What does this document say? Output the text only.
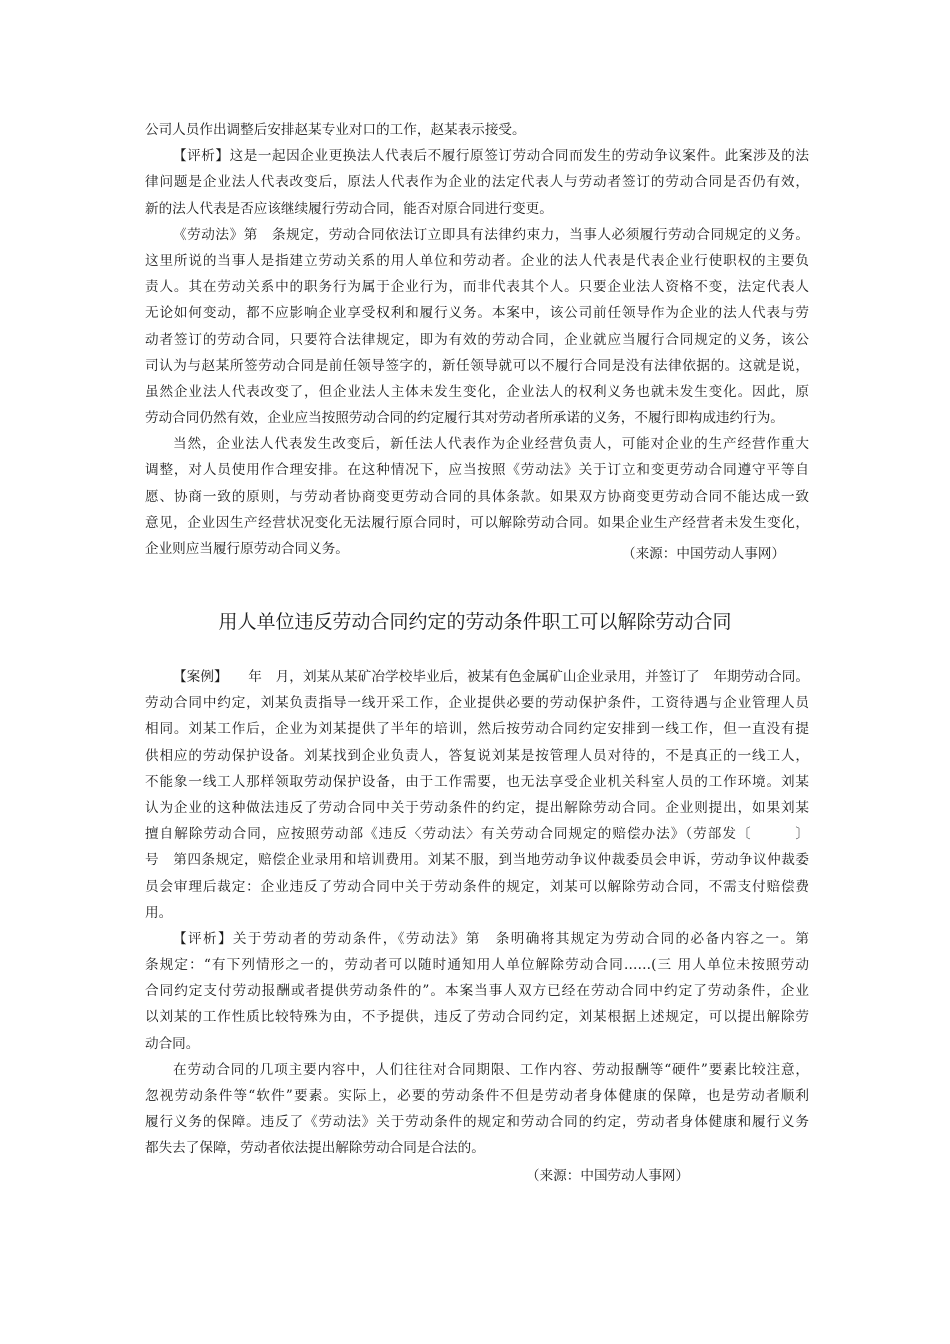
公司人员作出调整后安排赵某专业对口的工作，赵某表示接受。
【评析】这是一起因企业更换法人代表后不履行原签订劳动合同而发生的劳动争议案件。此案涉及的法
律问题是企业法人代表改变后，原法人代表作为企业的法定代表人与劳动者签订的劳动合同是否仍有效，
新的法人代表是否应该继续履行劳动合同，能否对原合同进行变更。
《劳动法》第　条规定，劳动合同依法订立即具有法律约束力，当事人必须履行劳动合同规定的义务。
这里所说的当事人是指建立劳动关系的用人单位和劳动者。企业的法人代表是代表企业行使职权的主要负
责人。其在劳动关系中的职务行为属于企业行为，而非代表其个人。只要企业法人资格不变，法定代表人
无论如何变动，都不应影响企业享受权利和履行义务。本案中，该公司前任领导作为企业的法人代表与劳
动者签订的劳动合同，只要符合法律规定，即为有效的劳动合同，企业就应当履行合同规定的义务，该公
司认为与赵某所签劳动合同是前任领导签字的，新任领导就可以不履行合同是没有法律依据的。这就是说，
虽然企业法人代表改变了，但企业法人主体未发生变化，企业法人的权利义务也就未发生变化。因此，原
劳动合同仍然有效，企业应当按照劳动合同的约定履行其对劳动者所承诺的义务，不履行即构成违约行为。
当然，企业法人代表发生改变后，新任法人代表作为企业经营负责人，可能对企业的生产经营作重大
调整，对人员使用作合理安排。在这种情况下，应当按照《劳动法》关于订立和变更劳动合同遵守平等自
愿、协商一致的原则，与劳动者协商变更劳动合同的具体条款。如果双方协商变更劳动合同不能达成一致
意见，企业因生产经营状况变化无法履行原合同时，可以解除劳动合同。如果企业生产经营者未发生变化，
企业则应当履行原劳动合同义务。	（来源：中国劳动人事网）
用人单位违反劳动合同约定的劳动条件职工可以解除劳动合同
【案例】　　年　月，刘某从某矿冶学校毕业后，被某有色金属矿山企业录用，并签订了　年期劳动合同。
劳动合同中约定，刘某负责指导一线开采工作，企业提供必要的劳动保护条件，工资待遇与企业管理人员
相同。刘某工作后，企业为刘某提供了半年的培训，然后按劳动合同约定安排到一线工作，但一直没有提
供相应的劳动保护设备。刘某找到企业负责人，答复说刘某是按管理人员对待的，不是真正的一线工人，
不能象一线工人那样领取劳动保护设备，由于工作需要，也无法享受企业机关科室人员的工作环境。刘某
认为企业的这种做法违反了劳动合同中关于劳动条件的约定，提出解除劳动合同。企业则提出，如果刘某
擅自解除劳动合同，应按照劳动部《违反〈劳动法〉有关劳动合同规定的赔偿办法》（劳部发〔　　　〕
号　第四条规定，赔偿企业录用和培训费用。刘某不服，到当地劳动争议仲裁委员会申诉，劳动争议仲裁委
员会审理后裁定：企业违反了劳动合同中关于劳动条件的规定，刘某可以解除劳动合同，不需支付赔偿费
用。
【评析】关于劳动者的劳动条件，《劳动法》第　条明确将其规定为劳动合同的必备内容之一。第
条规定：“有下列情形之一的，劳动者可以随时通知用人单位解除劳动合同……(三 用人单位未按照劳动
合同约定支付劳动报酬或者提供劳动条件的”。本案当事人双方已经在劳动合同中约定了劳动条件，企业
以刘某的工作性质比较特殊为由，不予提供，违反了劳动合同约定，刘某根据上述规定，可以提出解除劳
动合同。
在劳动合同的几项主要内容中，人们往往对合同期限、工作内容、劳动报酬等“硬件”要素比较注意，
忽视劳动条件等“软件”要素。实际上，必要的劳动条件不但是劳动者身体健康的保障，也是劳动者顺利
履行义务的保障。违反了《劳动法》关于劳动条件的规定和劳动合同的约定，劳动者身体健康和履行义务
都失去了保障，劳动者依法提出解除劳动合同是合法的。
（来源：中国劳动人事网）
